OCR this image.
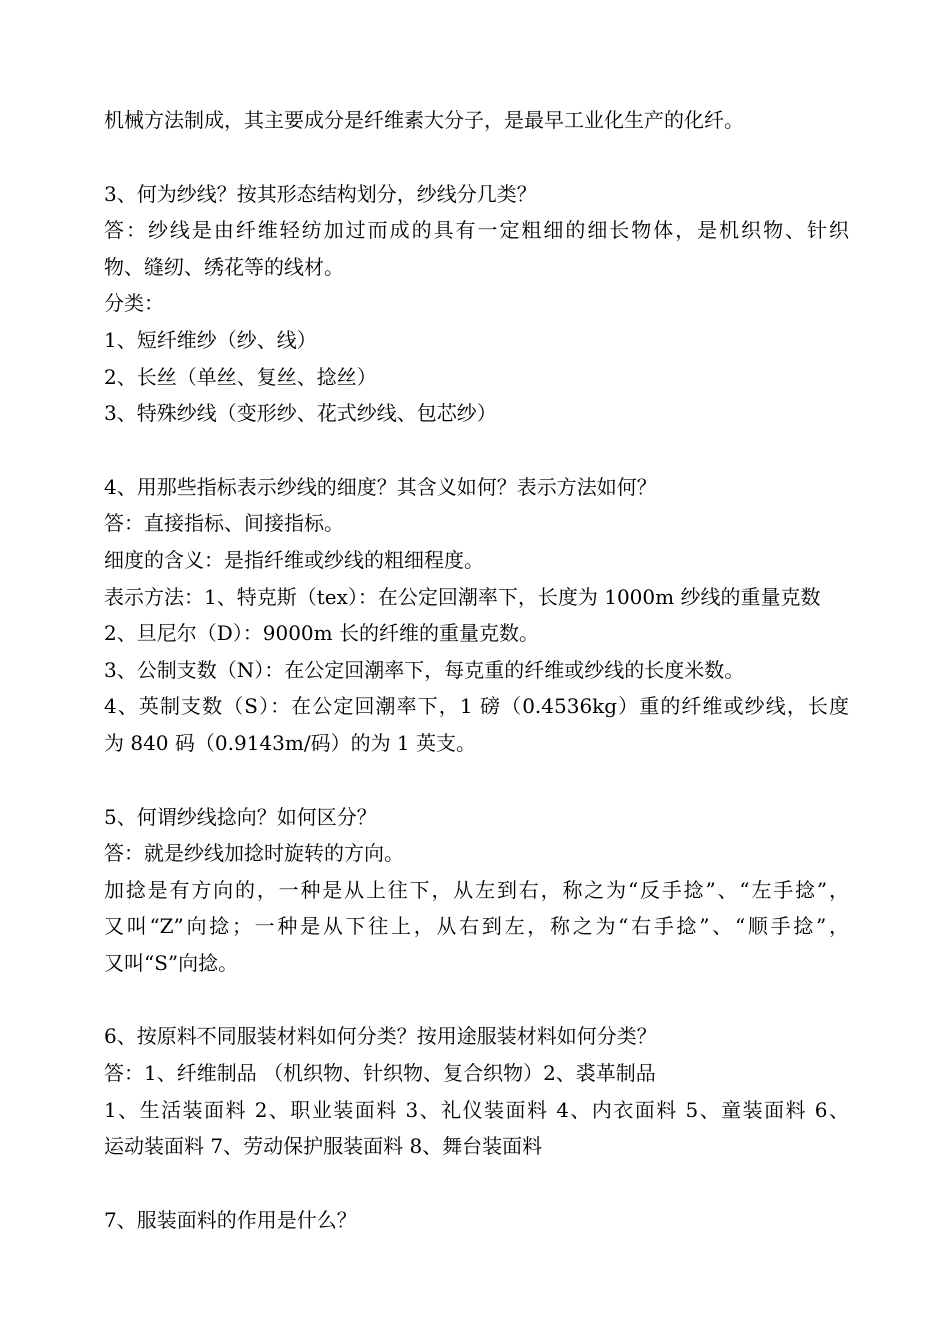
机械方法制成，其主要成分是纤维素大分子，是最早工业化生产的化纤。
3、何为纱线？按其形态结构划分，纱线分几类？
答：纱线是由纤维轻纺加过而成的具有一定粗细的细长物体，是机织物、针织
物、缝纫、绣花等的线材。
分类：
1、短纤维纱（纱、线）
2、长丝（单丝、复丝、捻丝）
3、特殊纱线（变形纱、花式纱线、包芯纱）
4、用那些指标表示纱线的细度？其含义如何？表示方法如何？
答：直接指标、间接指标。
细度的含义：是指纤维或纱线的粗细程度。
表示方法：1、特克斯（tex）：在公定回潮率下，长度为 1000m 纱线的重量克数
2、旦尼尔（D）：9000m 长的纤维的重量克数。
3、公制支数（N）：在公定回潮率下，每克重的纤维或纱线的长度米数。
4、英制支数（S）：在公定回潮率下，1 磅（0.4536kg）重的纤维或纱线，长度
为 840 码（0.9143m/码）的为 1 英支。
5、何谓纱线捻向？如何区分？
答：就是纱线加捻时旋转的方向。
加捻是有方向的，一种是从上往下，从左到右，称之为“反手捻”、“左手捻”，
又叫“Z”向捻；一种是从下往上，从右到左，称之为“右手捻”、“顺手捻”，
又叫“S”向捻。
6、按原料不同服装材料如何分类？按用途服装材料如何分类？
答：1、纤维制品 （机织物、针织物、复合织物）2、裘革制品
1、生活装面料 2、职业装面料 3、礼仪装面料 4、内衣面料 5、童装面料 6、
运动装面料 7、劳动保护服装面料 8、舞台装面料
7、服装面料的作用是什么？
